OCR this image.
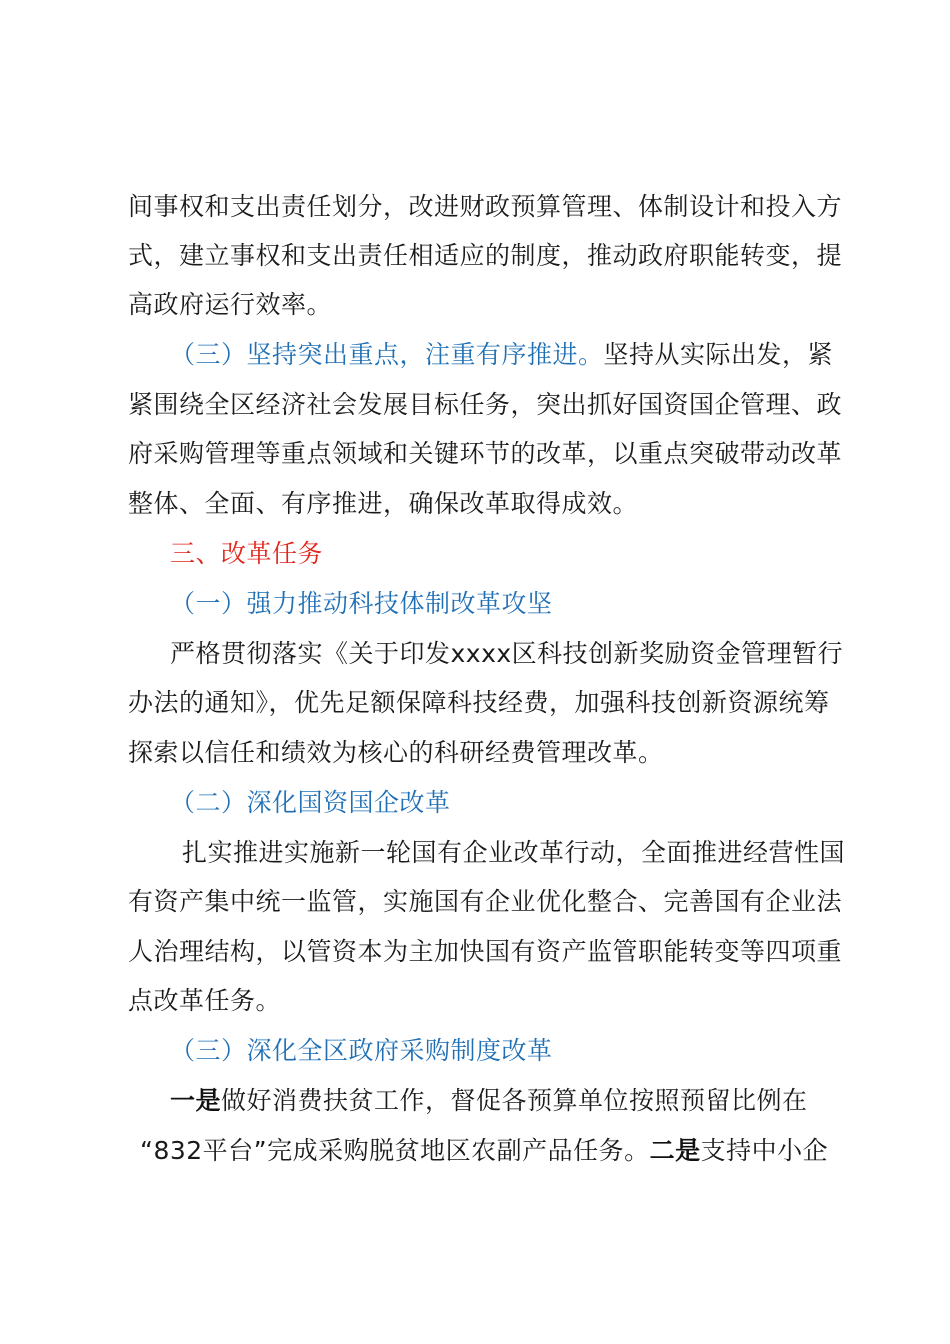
间事权和支出责任划分，改进财政预算管理、体制设计和投入方
式，建立事权和支出责任相适应的制度，推动政府职能转变，提
高政府运行效率。
（三）坚持突出重点，注重有序推进。坚持从实际出发，紧
紧围绕全区经济社会发展目标任务，突出抓好国资国企管理、政
府采购管理等重点领域和关键环节的改革，以重点突破带动改革
整体、全面、有序推进，确保改革取得成效。
三、改革任务
（一）强力推动科技体制改革攻坚
严格贯彻落实《关于印发xxxx区科技创新奖励资金管理暂行
办法的通知》，优先足额保障科技经费，加强科技创新资源统筹
探索以信任和绩效为核心的科研经费管理改革。
（二）深化国资国企改革
扎实推进实施新一轮国有企业改革行动，全面推进经营性国
有资产集中统一监管，实施国有企业优化整合、完善国有企业法
人治理结构，以管资本为主加快国有资产监管职能转变等四项重
点改革任务。
（三）深化全区政府采购制度改革
一是做好消费扶贫工作，督促各预算单位按照预留比例在
“832平台”完成采购脱贫地区农副产品任务。二是支持中小企
